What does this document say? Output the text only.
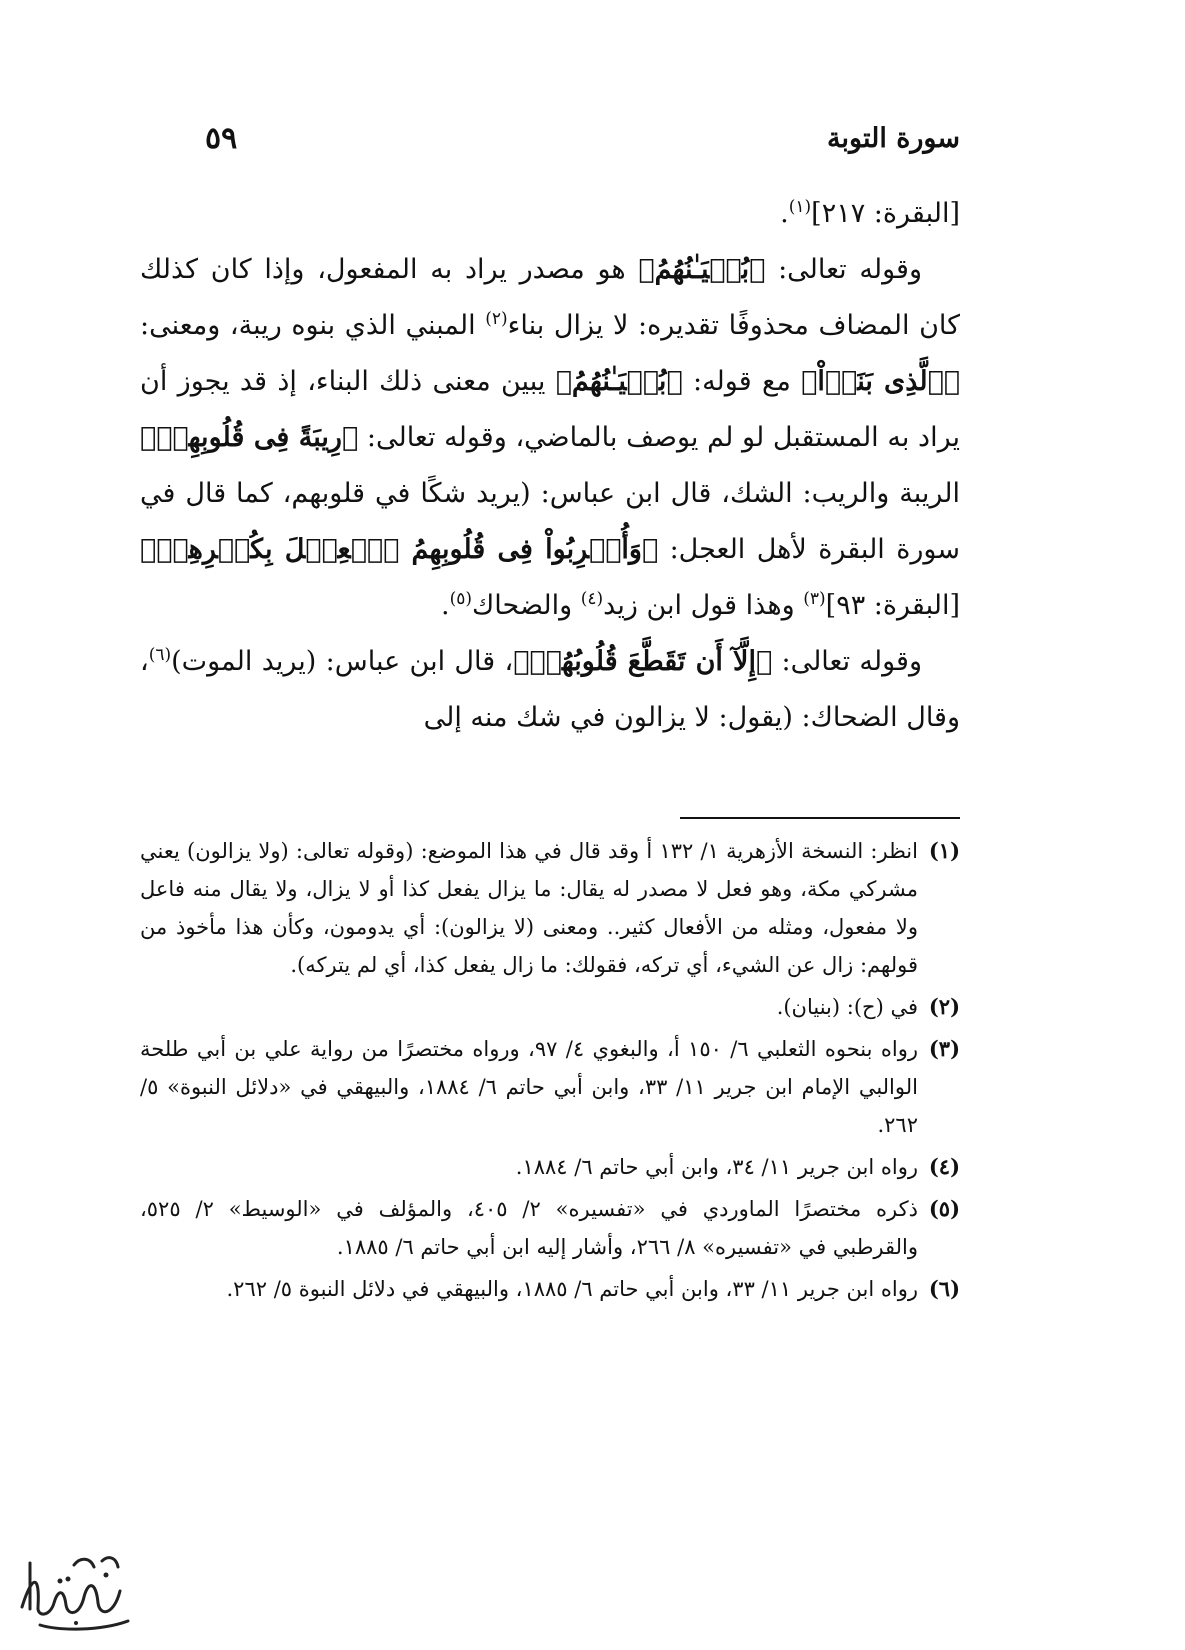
سورة التوبة
٥٩

[البقرة: ٢١٧]$^{(١)}$.

وقوله تعالى: ﴿بُنۡيَـٰنُهُمُ﴾ هو مصدر يراد به المفعول، وإذا كان كذلك كان المضاف محذوفًا تقديره: لا يزال بناء$^{(٢)}$ المبني الذي بنوه ريبة، ومعنى: ﴿ٱلَّذِى بَنَوۡاْ﴾ مع قوله: ﴿بُنۡيَـٰنُهُمُ﴾ يبين معنى ذلك البناء، إذ قد يجوز أن يراد به المستقبل لو لم يوصف بالماضي، وقوله تعالى: ﴿رِيبَةً فِى قُلُوبِهِمۡ﴾ الريبة والريب: الشك، قال ابن عباس: (يريد شكًا في قلوبهم، كما قال في سورة البقرة لأهل العجل: ﴿وَأُشۡرِبُواْ فِى قُلُوبِهِمُ ٱلۡعِجۡلَ بِكُفۡرِهِمۡ﴾ [البقرة: ٩٣]$^{(٣)}$ وهذا قول ابن زيد$^{(٤)}$ والضحاك$^{(٥)}$.

وقوله تعالى: ﴿إِلَّآ أَن تَقَطَّعَ قُلُوبُهُمۡ﴾، قال ابن عباس: (يريد الموت)$^{(٦)}$، وقال الضحاك: (يقول: لا يزالون في شك منه إلى

(١)
انظر: النسخة الأزهرية ١/ ١٣٢ أ وقد قال في هذا الموضع: (وقوله تعالى: (ولا يزالون) يعني مشركي مكة، وهو فعل لا مصدر له يقال: ما يزال يفعل كذا أو لا يزال، ولا يقال منه فاعل ولا مفعول، ومثله من الأفعال كثير.. ومعنى (لا يزالون): أي يدومون، وكأن هذا مأخوذ من قولهم: زال عن الشيء، أي تركه، فقولك: ما زال يفعل كذا، أي لم يتركه).
(٢)
في (ح): (بنيان).
(٣)
رواه بنحوه الثعلبي ٦/ ١٥٠ أ، والبغوي ٤/ ٩٧، ورواه مختصرًا من رواية علي بن أبي طلحة الوالبي الإمام ابن جرير ١١/ ٣٣، وابن أبي حاتم ٦/ ١٨٨٤، والبيهقي في «دلائل النبوة» ٥/ ٢٦٢.
(٤)
رواه ابن جرير ١١/ ٣٤، وابن أبي حاتم ٦/ ١٨٨٤.
(٥)
ذكره مختصرًا الماوردي في «تفسيره» ٢/ ٤٠٥، والمؤلف في «الوسيط» ٢/ ٥٢٥، والقرطبي في «تفسيره» ٨/ ٢٦٦، وأشار إليه ابن أبي حاتم ٦/ ١٨٨٥.
(٦)
رواه ابن جرير ١١/ ٣٣، وابن أبي حاتم ٦/ ١٨٨٥، والبيهقي في دلائل النبوة ٥/ ٢٦٢.
